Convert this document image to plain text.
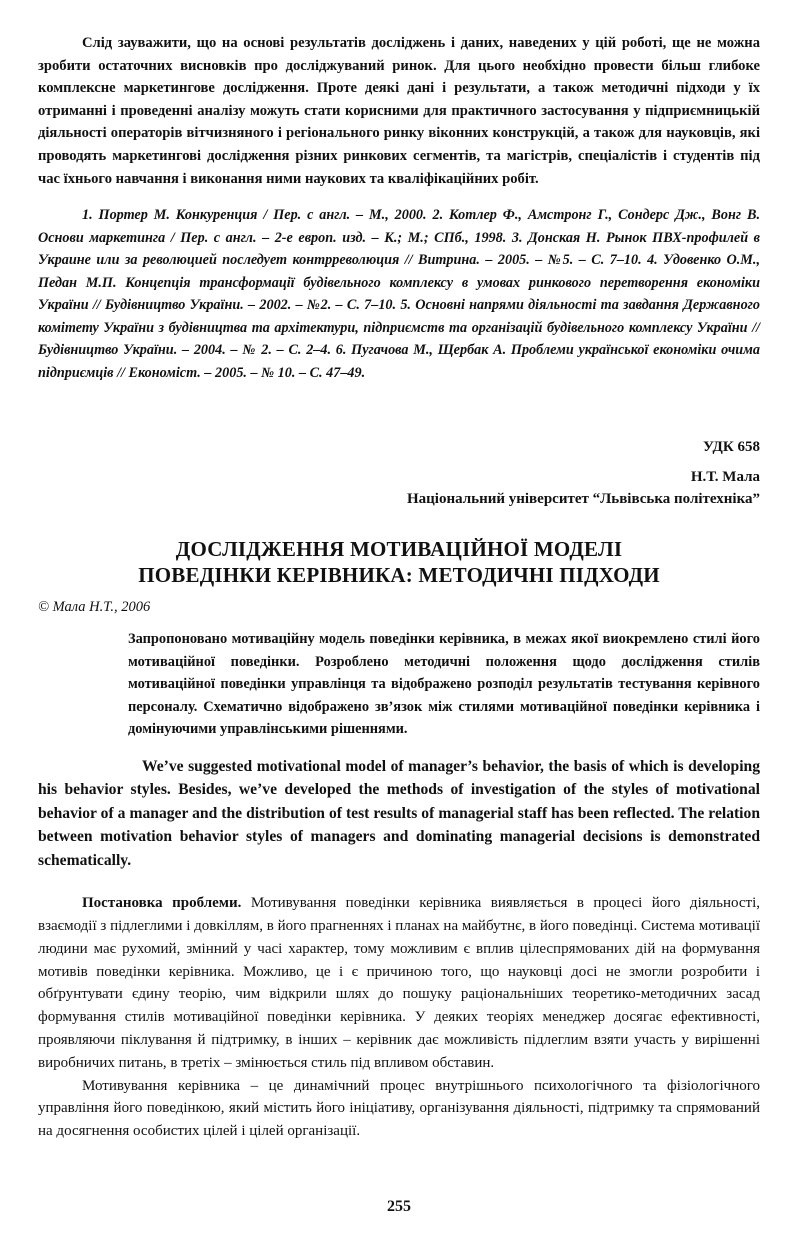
Слід зауважити, що на основі результатів досліджень і даних, наведених у цій роботі, ще не можна зробити остаточних висновків про досліджуваний ринок. Для цього необхідно провести більш глибоке комплексне маркетингове дослідження. Проте деякі дані і результати, а також методичні підходи у їх отриманні і проведенні аналізу можуть стати корисними для практичного застосування у підприємницькій діяльності операторів вітчизняного і регіонального ринку віконних конструкцій, а також для науковців, які проводять маркетингові дослідження різних ринкових сегментів, та магістрів, спеціалістів і студентів під час їхнього навчання і виконання ними наукових та кваліфікаційних робіт.

1. Портер М. Конкуренция / Пер. с англ. – М., 2000. 2. Котлер Ф., Амстронг Г., Сондерс Дж., Вонг В. Основи маркетинга / Пер. с англ. – 2-е европ. изд. – К.; М.; СПб., 1998. 3. Донская Н. Рынок ПВХ-профилей в Украине или за революцией последует контрреволюция // Витрина. – 2005. – №5. – С. 7–10. 4. Удовенко О.М., Педан М.П. Концепція трансформації будівельного комплексу в умовах ринкового перетворення економіки України // Будівництво України. – 2002. – №2. – С. 7–10. 5. Основні напрями діяльності та завдання Державного комітету України з будівництва та архітектури, підприємств та організацій будівельного комплексу України // Будівництво України. – 2004. – № 2. – С. 2–4. 6. Пугачова М., Щербак А. Проблеми української економіки очима підприємців // Економіст. – 2005. – № 10. – С. 47–49.

УДК 658

Н.Т. Мала

Національний університет “Львівська політехніка”

ДОСЛІДЖЕННЯ МОТИВАЦІЙНОЇ МОДЕЛІ
ПОВЕДІНКИ КЕРІВНИКА: МЕТОДИЧНІ ПІДХОДИ

© Мала Н.Т., 2006

Запропоновано мотиваційну модель поведінки керівника, в межах якої виокремлено стилі його мотиваційної поведінки. Розроблено методичні положення щодо дослідження стилів мотиваційної поведінки управлінця та відображено розподіл результатів тестування керівного персоналу. Схематично відображено зв’язок між стилями мотиваційної поведінки керівника і домінуючими управлінськими рішеннями.

We’ve suggested motivational model of manager’s behavior, the basis of which is developing his behavior styles. Besides, we’ve developed the methods of investigation of the styles of motivational behavior of a manager and the distribution of test results of managerial staff has been reflected. The relation between motivation behavior styles of managers and dominating managerial decisions is demonstrated schematically.

Постановка проблеми. Мотивування поведінки керівника виявляється в процесі його діяльності, взаємодії з підлеглими і довкіллям, в його прагненнях і планах на майбутнє, в його поведінці. Система мотивації людини має рухомий, змінний у часі характер, тому можливим є вплив цілеспрямованих дій на формування мотивів поведінки керівника. Можливо, це і є причиною того, що науковці досі не змогли розробити і обґрунтувати єдину теорію, чим відкрили шлях до пошуку раціональніших теоретико-методичних засад формування стилів мотиваційної поведінки керівника. У деяких теоріях менеджер досягає ефективності, проявляючи піклування й підтримку, в інших – керівник дає можливість підлеглим взяти участь у вирішенні виробничих питань, в третіх – змінюється стиль під впливом обставин.

Мотивування керівника – це динамічний процес внутрішнього психологічного та фізіологічного управління його поведінкою, який містить його ініціативу, організування діяльності, підтримку та спрямований на досягнення особистих цілей і цілей організації.

255
